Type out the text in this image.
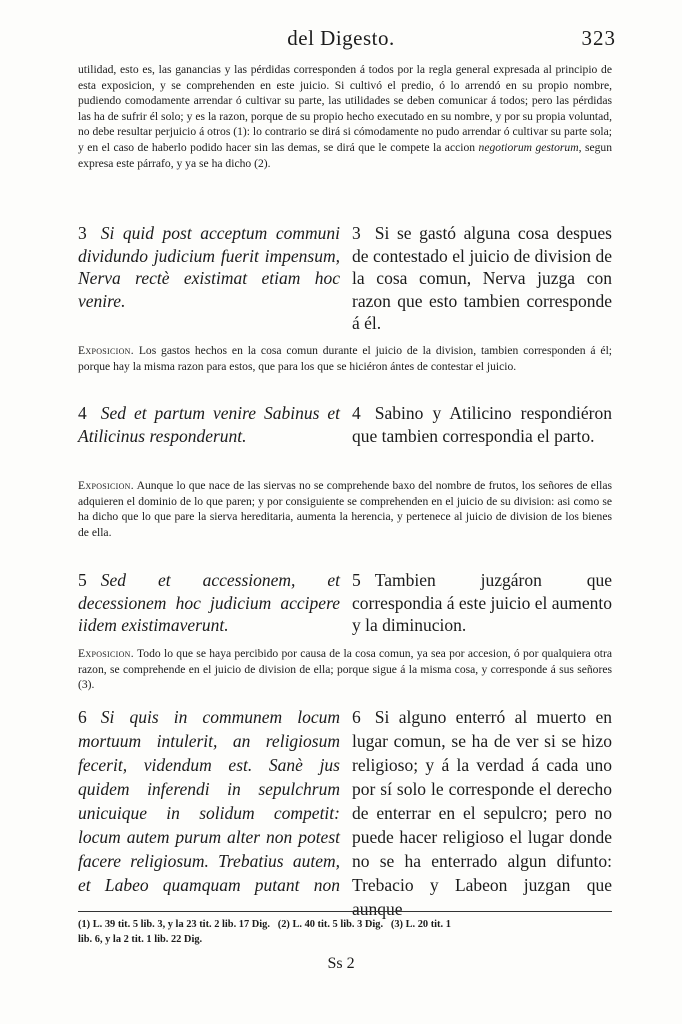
del Digesto.	323

utilidad, esto es, las ganancias y las pérdidas corresponden á todos por la regla general expresada al principio de esta exposicion, y se comprehenden en este juicio. Si cultivó el predio, ó lo arrendó en su propio nombre, pudiendo comodamente arrendar ó cultivar su parte, las utilidades se deben comunicar á todos; pero las pérdidas las ha de sufrir él solo; y es la razon, porque de su propio hecho executado en su nombre, y por su propia voluntad, no debe resultar perjuicio á otros (1): lo contrario se dirá si cómodamente no pudo arrendar ó cultivar su parte sola; y en el caso de haberlo podido hacer sin las demas, se dirá que le compete la accion negotiorum gestorum, segun expresa este párrafo, y ya se ha dicho (2).

3 Si quid post acceptum communi dividundo judicium fuerit impensum, Nerva rectè existimat etiam hoc venire.

3 Si se gastó alguna cosa despues de contestado el juicio de division de la cosa comun, Nerva juzga con razon que esto tambien corresponde á él.

Exposicion. Los gastos hechos en la cosa comun durante el juicio de la division, tambien corresponden á él; porque hay la misma razon para estos, que para los que se hiciéron ántes de contestar el juicio.

4 Sed et partum venire Sabinus et Atilicinus responderunt.

4 Sabino y Atilicino respondiéron que tambien correspondia el parto.

Exposicion. Aunque lo que nace de las siervas no se comprehende baxo del nombre de frutos, los señores de ellas adquieren el dominio de lo que paren; y por consiguiente se comprehenden en el juicio de su division: asi como se ha dicho que lo que pare la sierva hereditaria, aumenta la herencia, y pertenece al juicio de division de los bienes de ella.

5 Sed et accessionem, et decessionem hoc judicium accipere iidem existimaverunt.

5 Tambien juzgáron que correspondia á este juicio el aumento y la diminucion.

Exposicion. Todo lo que se haya percibido por causa de la cosa comun, ya sea por accesion, ó por qualquiera otra razon, se comprehende en el juicio de division de ella; porque sigue á la misma cosa, y corresponde á sus señores (3).

6 Si quis in communem locum mortuum intulerit, an religiosum fecerit, videndum est. Sanè jus quidem inferendi in sepulchrum unicuique in solidum competit: locum autem purum alter non potest facere religiosum. Trebatius autem, et Labeo quamquam putant non

6 Si alguno enterró al muerto en lugar comun, se ha de ver si se hizo religioso; y á la verdad á cada uno por sí solo le corresponde el derecho de enterrar en el sepulcro; pero no puede hacer religioso el lugar donde no se ha enterrado algun difunto: Trebacio y Labeon juzgan que aunque

(1) L. 39 tit. 5 lib. 3, y la 23 tit. 2 lib. 17 Dig.   (2) L. 40 tit. 5 lib. 3 Dig.   (3) L. 20 tit. 1
lib. 6, y la 2 tit. 1 lib. 22 Dig.
Ss 2
